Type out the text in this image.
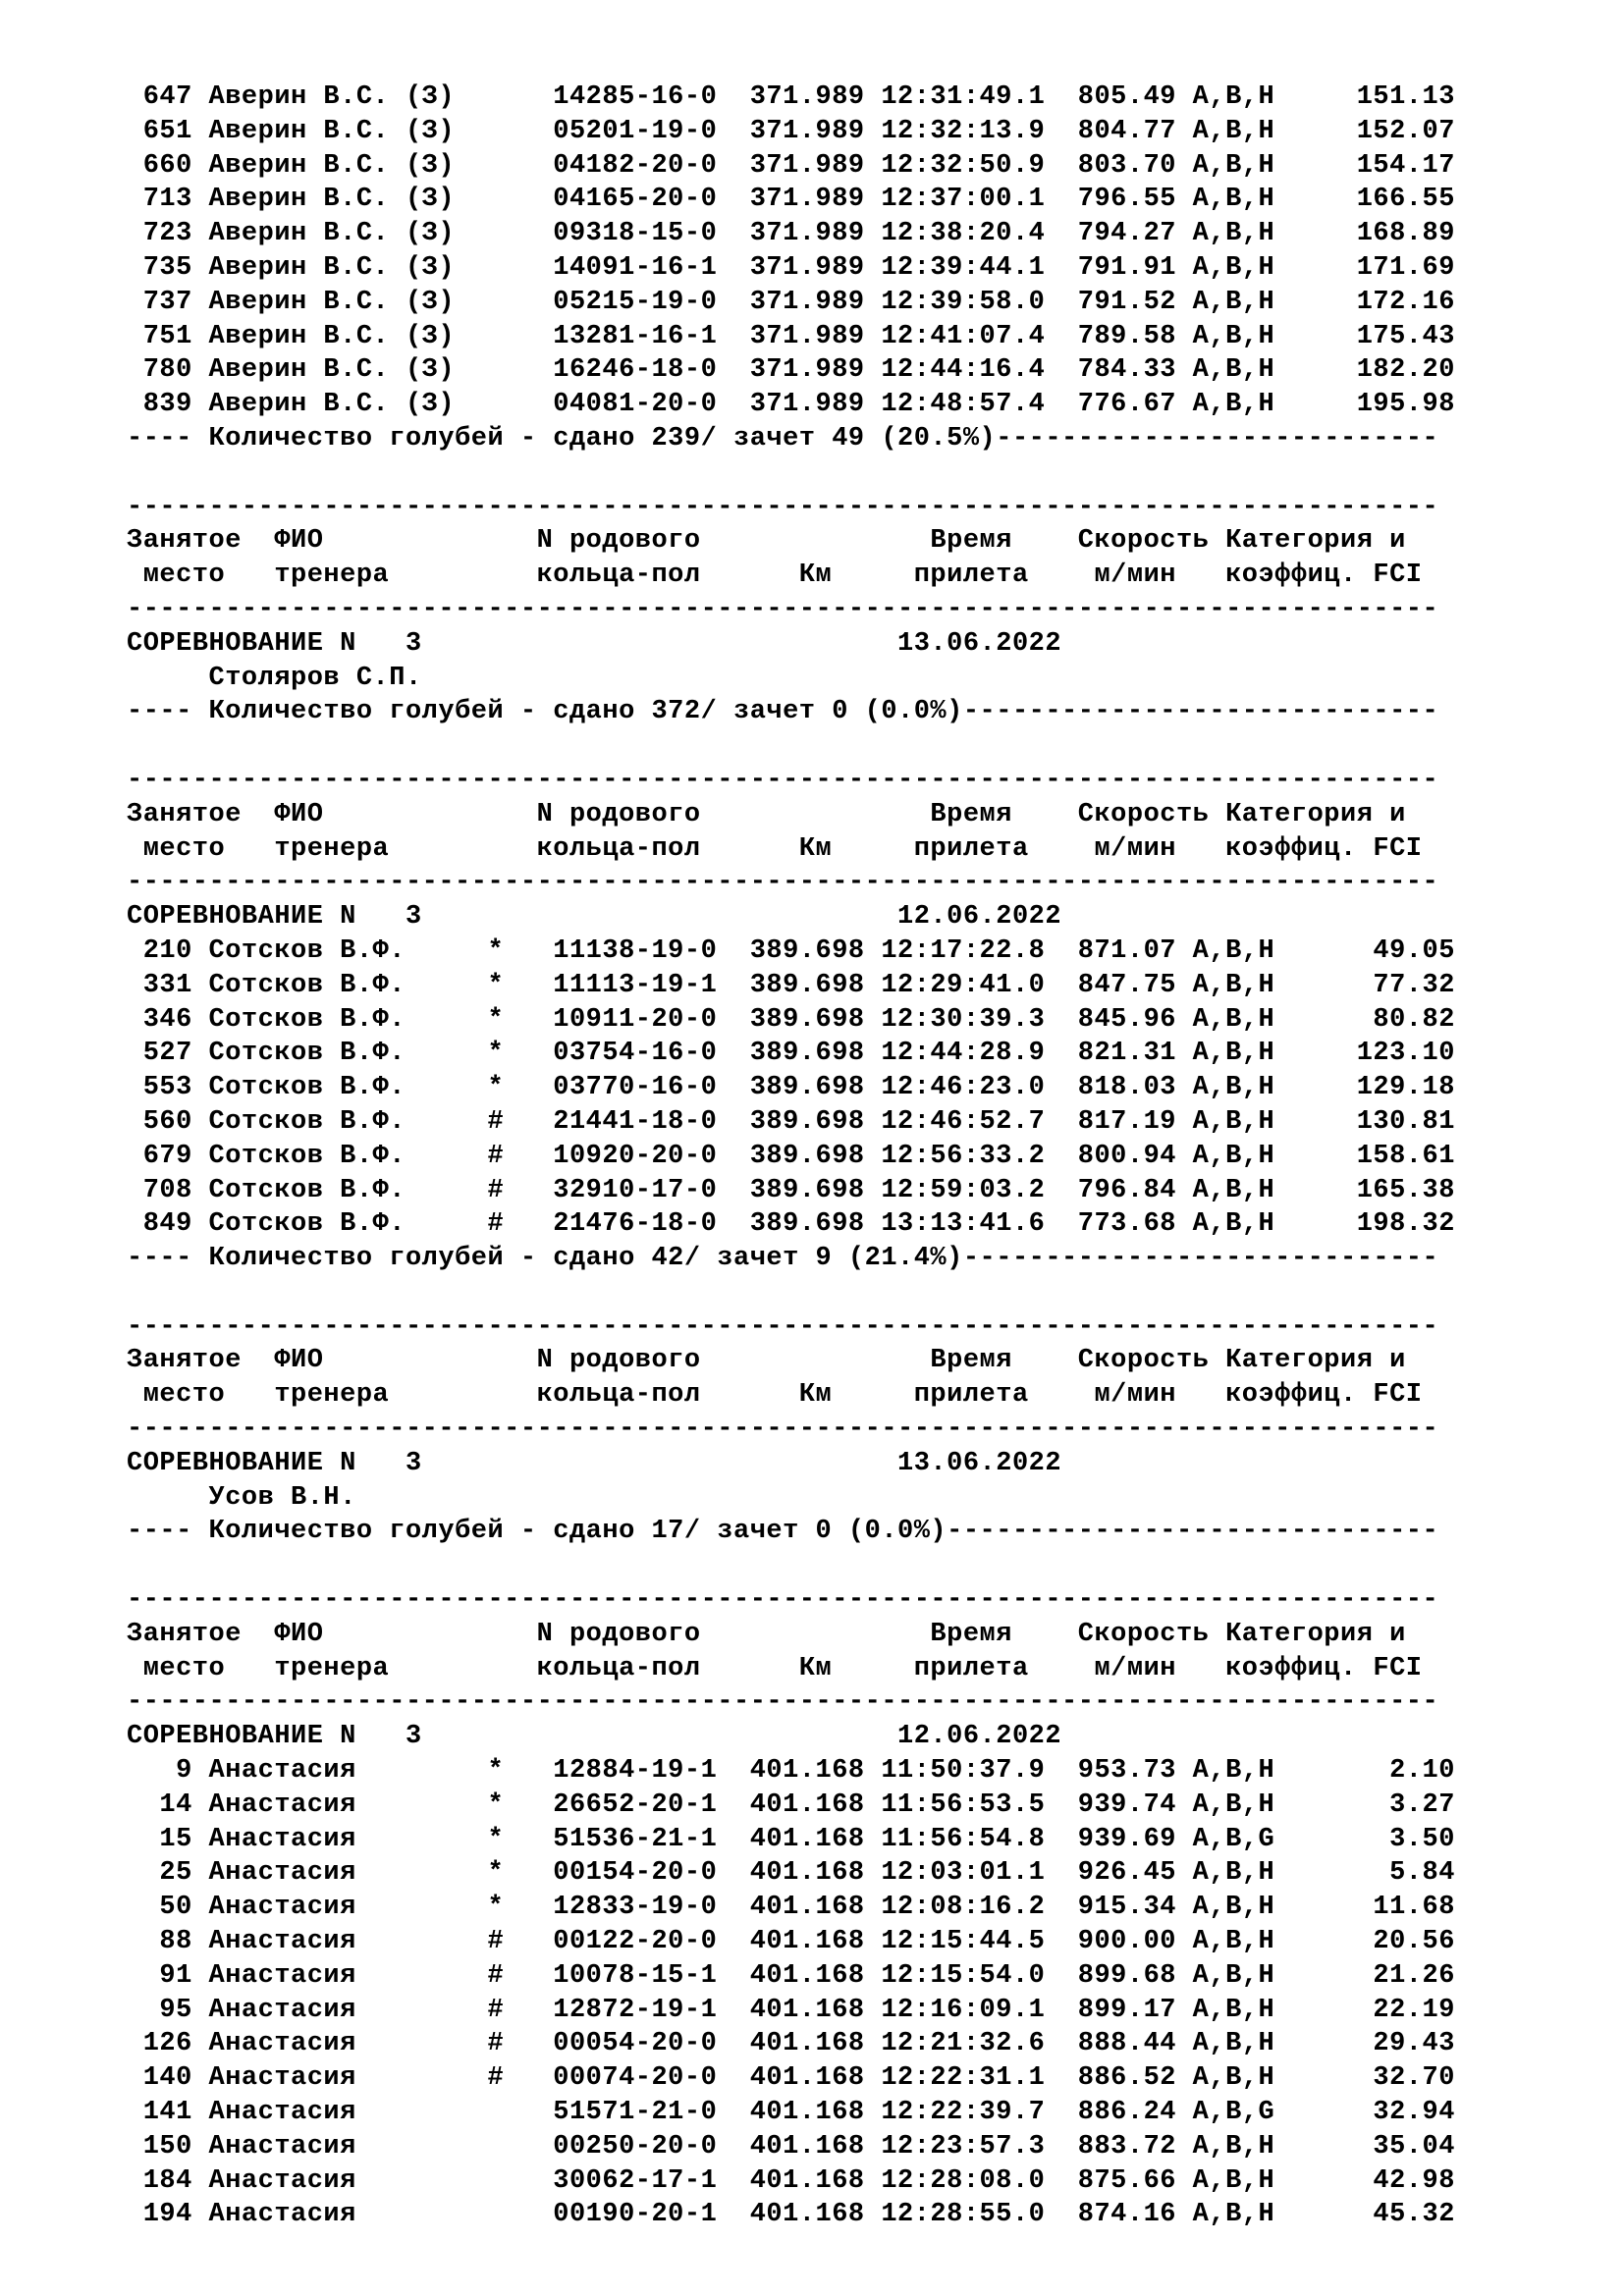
647 Аверин В.С. (З)      14285-16-0  371.989 12:31:49.1  805.49 A,B,H     151.13
651 Аверин В.С. (З)      05201-19-0  371.989 12:32:13.9  804.77 A,B,H     152.07
660 Аверин В.С. (З)      04182-20-0  371.989 12:32:50.9  803.70 A,B,H     154.17
713 Аверин В.С. (З)      04165-20-0  371.989 12:37:00.1  796.55 A,B,H     166.55
723 Аверин В.С. (З)      09318-15-0  371.989 12:38:20.4  794.27 A,B,H     168.89
735 Аверин В.С. (З)      14091-16-1  371.989 12:39:44.1  791.91 A,B,H     171.69
737 Аверин В.С. (З)      05215-19-0  371.989 12:39:58.0  791.52 A,B,H     172.16
751 Аверин В.С. (З)      13281-16-1  371.989 12:41:07.4  789.58 A,B,H     175.43
780 Аверин В.С. (З)      16246-18-0  371.989 12:44:16.4  784.33 A,B,H     182.20
839 Аверин В.С. (З)      04081-20-0  371.989 12:48:57.4  776.67 A,B,H     195.98
---- Количество голубей - сдано 239/ зачет 49 (20.5%)---------------------------
--------------------------------------------------------------------------------
Занятое  ФИО             N родового              Время    Скорость Категория и
место   тренера         кольца-пол      Км     прилета    м/мин   коэффиц. FCI
--------------------------------------------------------------------------------
СОРЕВНОВАНИЕ N   3                             13.06.2022
Столяров С.П.
---- Количество голубей - сдано 372/ зачет 0 (0.0%)-----------------------------
--------------------------------------------------------------------------------
Занятое  ФИО             N родового              Время    Скорость Категория и
место   тренера         кольца-пол      Км     прилета    м/мин   коэффиц. FCI
--------------------------------------------------------------------------------
СОРЕВНОВАНИЕ N   3                             12.06.2022
210 Сотсков В.Ф.     *   11138-19-0  389.698 12:17:22.8  871.07 A,B,H      49.05
331 Сотсков В.Ф.     *   11113-19-1  389.698 12:29:41.0  847.75 A,B,H      77.32
346 Сотсков В.Ф.     *   10911-20-0  389.698 12:30:39.3  845.96 A,B,H      80.82
527 Сотсков В.Ф.     *   03754-16-0  389.698 12:44:28.9  821.31 A,B,H     123.10
553 Сотсков В.Ф.     *   03770-16-0  389.698 12:46:23.0  818.03 A,B,H     129.18
560 Сотсков В.Ф.     #   21441-18-0  389.698 12:46:52.7  817.19 A,B,H     130.81
679 Сотсков В.Ф.     #   10920-20-0  389.698 12:56:33.2  800.94 A,B,H     158.61
708 Сотсков В.Ф.     #   32910-17-0  389.698 12:59:03.2  796.84 A,B,H     165.38
849 Сотсков В.Ф.     #   21476-18-0  389.698 13:13:41.6  773.68 A,B,H     198.32
---- Количество голубей - сдано 42/ зачет 9 (21.4%)-----------------------------
--------------------------------------------------------------------------------
Занятое  ФИО             N родового              Время    Скорость Категория и
место   тренера         кольца-пол      Км     прилета    м/мин   коэффиц. FCI
--------------------------------------------------------------------------------
СОРЕВНОВАНИЕ N   3                             13.06.2022
Усов В.Н.
---- Количество голубей - сдано 17/ зачет 0 (0.0%)------------------------------
--------------------------------------------------------------------------------
Занятое  ФИО             N родового              Время    Скорость Категория и
место   тренера         кольца-пол      Км     прилета    м/мин   коэффиц. FCI
--------------------------------------------------------------------------------
СОРЕВНОВАНИЕ N   3                             12.06.2022
9 Анастасия        *   12884-19-1  401.168 11:50:37.9  953.73 A,B,H       2.10
14 Анастасия        *   26652-20-1  401.168 11:56:53.5  939.74 A,B,H       3.27
15 Анастасия        *   51536-21-1  401.168 11:56:54.8  939.69 A,B,G       3.50
25 Анастасия        *   00154-20-0  401.168 12:03:01.1  926.45 A,B,H       5.84
50 Анастасия        *   12833-19-0  401.168 12:08:16.2  915.34 A,B,H      11.68
88 Анастасия        #   00122-20-0  401.168 12:15:44.5  900.00 A,B,H      20.56
91 Анастасия        #   10078-15-1  401.168 12:15:54.0  899.68 A,B,H      21.26
95 Анастасия        #   12872-19-1  401.168 12:16:09.1  899.17 A,B,H      22.19
126 Анастасия        #   00054-20-0  401.168 12:21:32.6  888.44 A,B,H      29.43
140 Анастасия        #   00074-20-0  401.168 12:22:31.1  886.52 A,B,H      32.70
141 Анастасия            51571-21-0  401.168 12:22:39.7  886.24 A,B,G      32.94
150 Анастасия            00250-20-0  401.168 12:23:57.3  883.72 A,B,H      35.04
184 Анастасия            30062-17-1  401.168 12:28:08.0  875.66 A,B,H      42.98
194 Анастасия            00190-20-1  401.168 12:28:55.0  874.16 A,B,H      45.32
